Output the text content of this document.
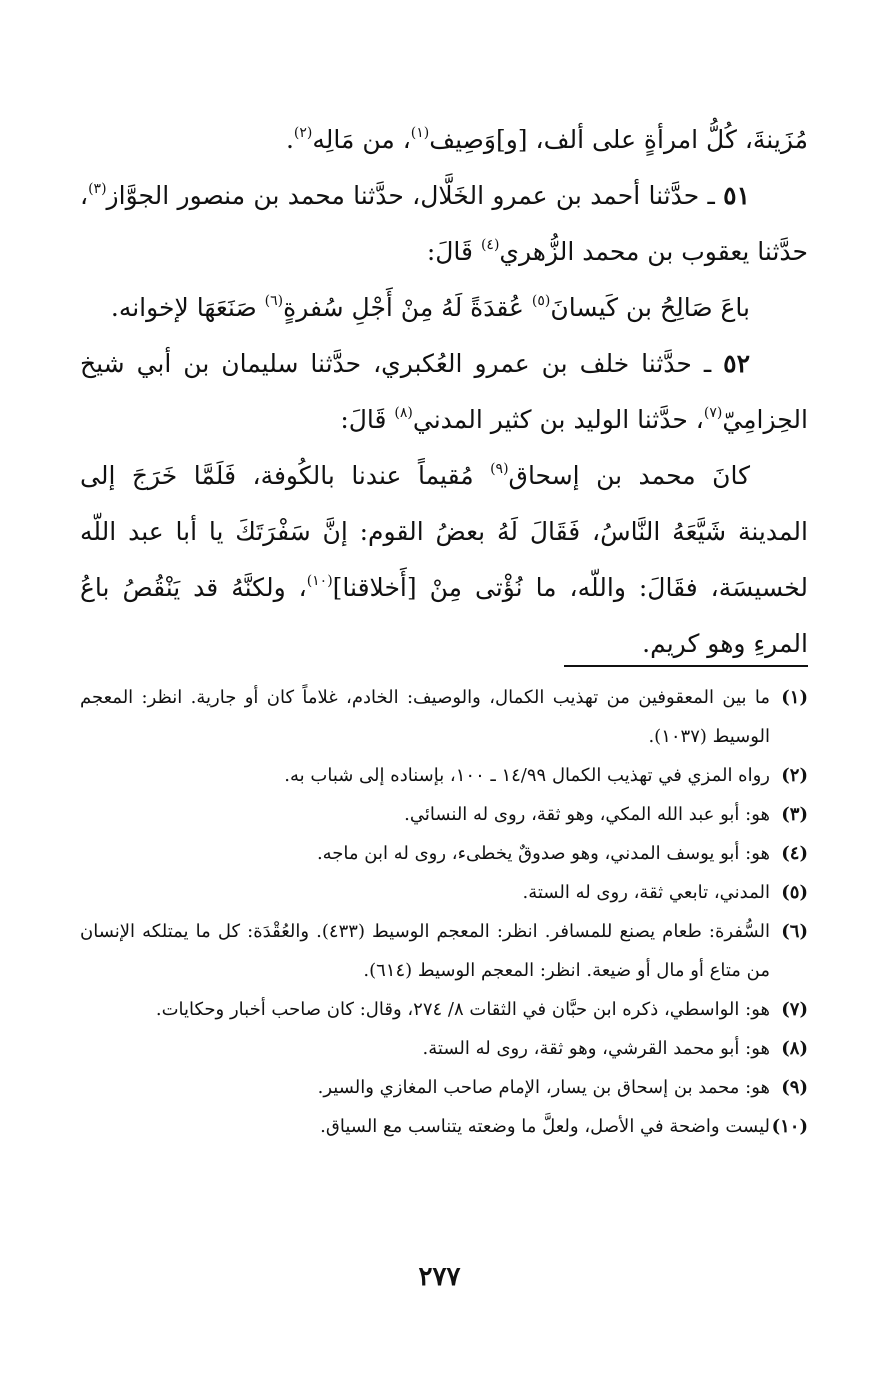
مُزَينةَ، كُلُّ امرأةٍ على ألف، [و]وَصِيف$^{(١)}$، من مَالِه$^{(٢)}$.

٥١ ـ حدَّثنا أحمد بن عمرو الخَلَّال، حدَّثنا محمد بن منصور الجوَّاز$^{(٣)}$، حدَّثنا يعقوب بن محمد الزُّهري$^{(٤)}$ قَالَ:

باعَ صَالِحُ بن كَيسانَ$^{(٥)}$ عُقدَةً لَهُ مِنْ أَجْلِ سُفرةٍ$^{(٦)}$ صَنَعَهَا لإخوانه.

٥٢ ـ حدَّثنا خلف بن عمرو العُكبري، حدَّثنا سليمان بن أبي شيخ الحِزامِيّ$^{(٧)}$، حدَّثنا الوليد بن كثير المدني$^{(٨)}$ قَالَ:

كانَ محمد بن إسحاق$^{(٩)}$ مُقيماً عندنا بالكُوفة، فَلَمَّا خَرَجَ إلى المدينة شَيَّعَهُ النَّاسُ، فَقَالَ لَهُ بعضُ القوم: إنَّ سَفْرَتَكَ يا أبا عبد اللّه لخسيسَة، فقَالَ: واللّه، ما نُؤْتى مِنْ [أَخلاقنا]$^{(١٠)}$، ولكنَّهُ قد يَنْقُصُ باعُ المرءِ وهو كريم.

(١)
ما بين المعقوفين من تهذيب الكمال، والوصيف: الخادم، غلاماً كان أو جارية. انظر: المعجم الوسيط (١٠٣٧).
(٢)
رواه المزي في تهذيب الكمال ١٤/٩٩ ـ ١٠٠، بإسناده إلى شباب به.
(٣)
هو: أبو عبد الله المكي، وهو ثقة، روى له النسائي.
(٤)
هو: أبو يوسف المدني، وهو صدوقٌ يخطىء، روى له ابن ماجه.
(٥)
المدني، تابعي ثقة، روى له الستة.
(٦)
السُّفرة: طعام يصنع للمسافر. انظر: المعجم الوسيط (٤٣٣). والعُقْدَة: كل ما يمتلكه الإنسان من متاع أو مال أو ضيعة. انظر: المعجم الوسيط (٦١٤).
(٧)
هو: الواسطي، ذكره ابن حبَّان في الثقات ٨/ ٢٧٤، وقال: كان صاحب أخبار وحكايات.
(٨)
هو: أبو محمد القرشي، وهو ثقة، روى له الستة.
(٩)
هو: محمد بن إسحاق بن يسار، الإمام صاحب المغازي والسير.
(١٠)
ليست واضحة في الأصل، ولعلَّ ما وضعته يتناسب مع السياق.
٢٧٧
